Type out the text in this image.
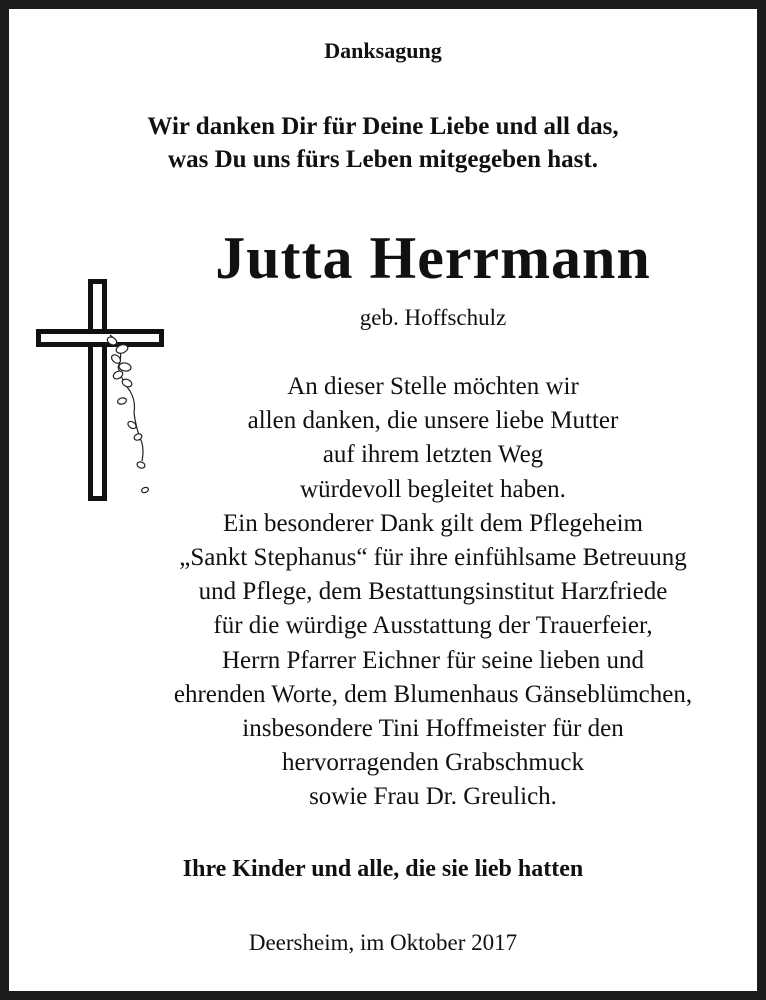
Danksagung
Wir danken Dir für Deine Liebe und all das,
was Du uns fürs Leben mitgegeben hast.
Jutta Herrmann
geb. Hoffschulz
An dieser Stelle möchten wir
allen danken, die unsere liebe Mutter
auf ihrem letzten Weg
würdevoll begleitet haben.
Ein besonderer Dank gilt dem Pflegeheim
„Sankt Stephanus“ für ihre einfühlsame Betreuung
und Pflege, dem Bestattungsinstitut Harzfriede
für die würdige Ausstattung der Trauerfeier,
Herrn Pfarrer Eichner für seine lieben und
ehrenden Worte, dem Blumenhaus Gänseblümchen,
insbesondere Tini Hoffmeister für den
hervorragenden Grabschmuck
sowie Frau Dr. Greulich.
Ihre Kinder und alle, die sie lieb hatten
Deersheim, im Oktober 2017
